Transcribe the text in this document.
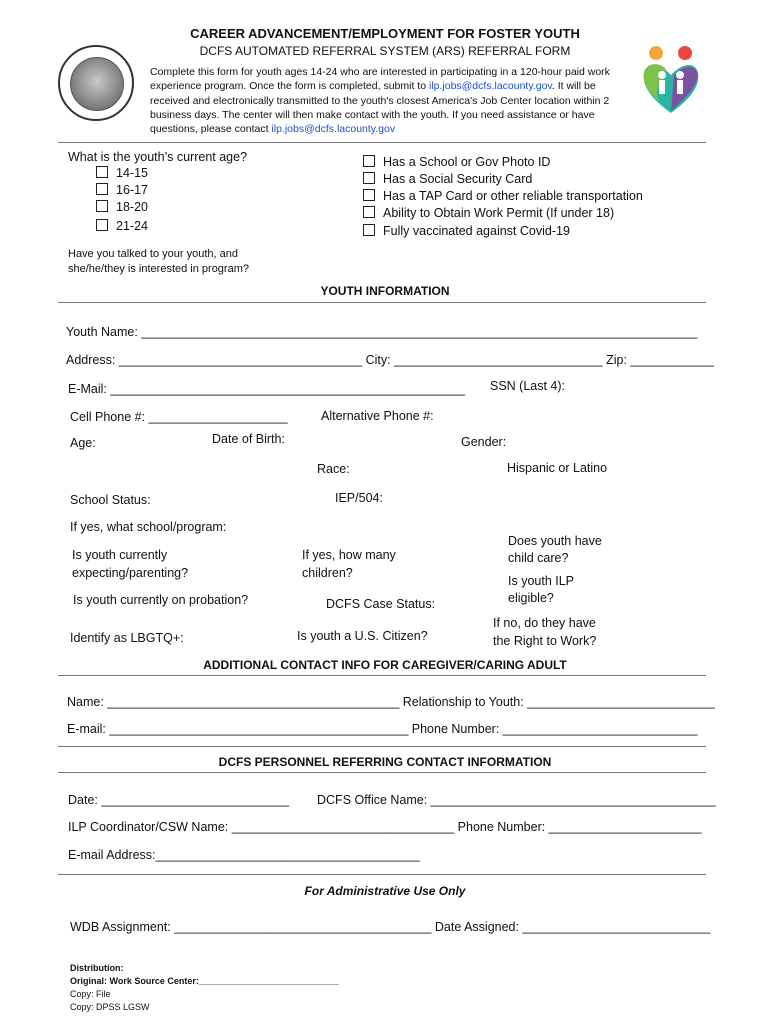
CAREER ADVANCEMENT/EMPLOYMENT FOR FOSTER YOUTH
DCFS AUTOMATED REFERRAL SYSTEM (ARS) REFERRAL FORM
Complete this form for youth ages 14-24 who are interested in participating in a 120-hour paid work experience program. Once the form is completed, submit to ilp.jobs@dcfs.lacounty.gov. It will be received and electronically transmitted to the youth's closest America's Job Center location within 2 business days. The center will then make contact with the youth. If you need assistance or have questions, please contact ilp.jobs@dcfs.lacounty.gov
What is the youth’s current age?
14-15
16-17
18-20
21-24
Has a School or Gov Photo ID
Has a Social Security Card
Has a TAP Card or other reliable transportation
Ability to Obtain Work Permit (If under 18)
Fully vaccinated against Covid-19
Have you talked to your youth, and
she/he/they is interested in program?
YOUTH INFORMATION
Youth Name: ________________________________________________________________________________
Address: ___________________________________ City: ______________________________ Zip: ____________
E-Mail: ___________________________________________________ SSN (Last 4):
Cell Phone #: ____________________	Alternative Phone #:
Age:	Date of Birth:	Gender:
Race:	Hispanic or Latino
School Status:	IEP/504:
If yes, what school/program:
Is youth currently
expecting/parenting?
If yes, how many
children?
Does youth have
child care?
Is youth ILP
eligible?
Is youth currently on probation?	DCFS Case Status:
Identify as LBGTQ+:	Is youth a U.S. Citizen?
If no, do they have
the Right to Work?
ADDITIONAL CONTACT INFO FOR CAREGIVER/CARING ADULT
Name: __________________________________________ Relationship to Youth: ___________________________
E-mail: ___________________________________________ Phone Number: ____________________________
DCFS PERSONNEL REFERRING CONTACT INFORMATION
Date: ___________________________ DCFS Office Name: _________________________________________
ILP Coordinator/CSW Name: ________________________________ Phone Number: ______________________
E-mail Address:______________________________________
For Administrative Use Only
WDB Assignment: _____________________________________ Date Assigned: ___________________________
Distribution:
Original: Work Source Center:____________________________
Copy: File
Copy: DPSS LGSW
